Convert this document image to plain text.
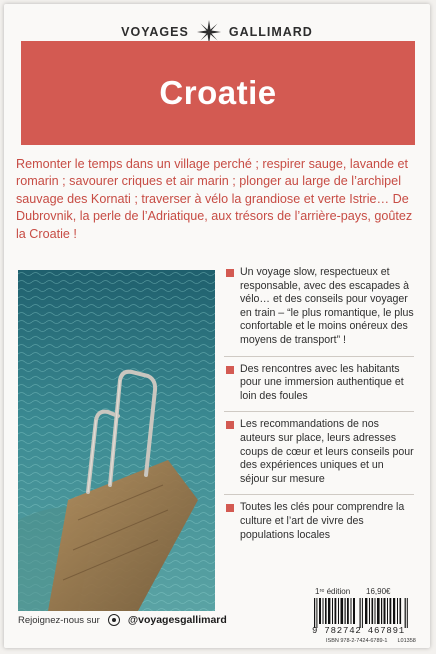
VOYAGES	GALLIMARD
Croatie

Remonter le temps dans un village perché ; respirer sauge, lavande et romarin ; savourer criques et air marin ; plonger au large de l’archipel sauvage des Kornati ; traverser à vélo la grandiose et verte Istrie… De Dubrovnik, la perle de l’Adriatique, aux trésors de l’arrière-pays, goûtez la Croatie !

Un voyage slow, respectueux et responsable, avec des escapades à vélo… et des conseils pour voyager en train – “le plus romantique, le plus confortable et le moins onéreux des moyens de transport” !
Des rencontres avec les habitants pour une immersion authentique et loin des foules
Les recommandations de nos auteurs sur place, leurs adresses coups de cœur et leurs conseils pour des expériences uniques et un séjour sur mesure
Toutes les clés pour comprendre la culture et l’art de vivre des populations locales
Rejoignez-nous sur	@voyagesgallimard
1ʳᵉ édition 16,90€
9 782742 467891
ISBN 978-2-7424-6789-1 L01358
